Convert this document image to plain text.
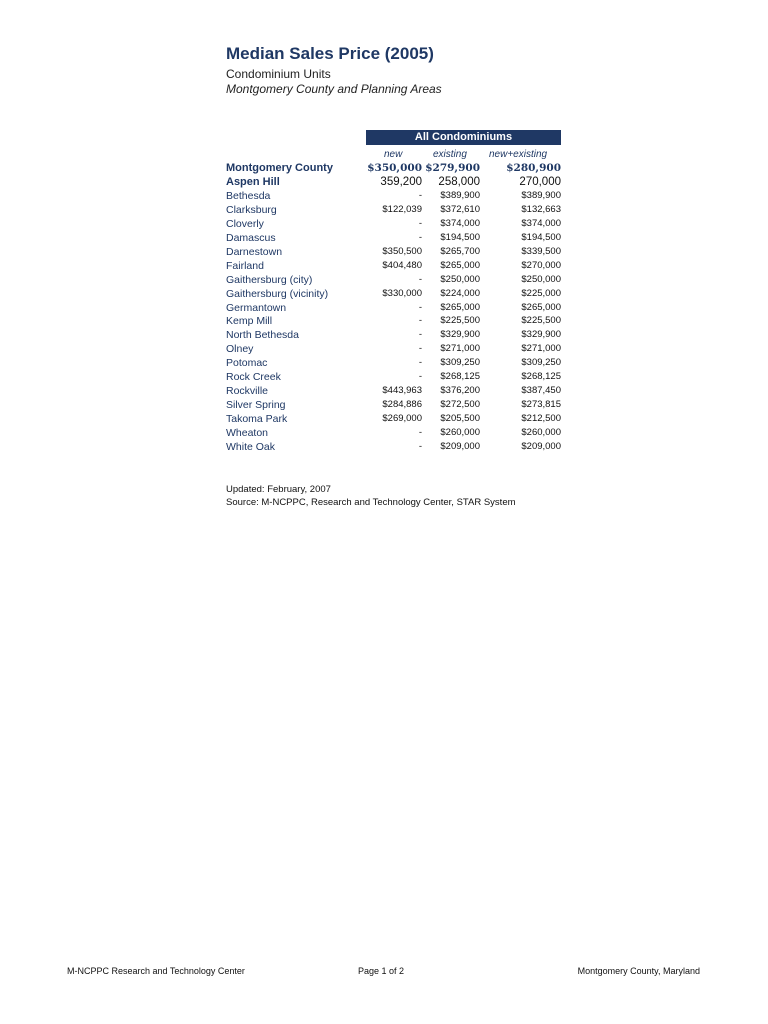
Median Sales Price (2005)
Condominium Units
Montgomery County and Planning Areas
All Condominiums
new	existing new+existing
Montgomery County	$350,000 $279,900 $280,900
Aspen Hill	359,200 258,000	270,000
Bethesda	- $389,900	$389,900
Clarksburg	$122,039 $372,610	$132,663
Cloverly	- $374,000	$374,000
Damascus	- $194,500	$194,500
Darnestown	$350,500 $265,700	$339,500
Fairland	$404,480 $265,000	$270,000
Gaithersburg (city)	- $250,000	$250,000
Gaithersburg (vicinity)	$330,000 $224,000	$225,000
Germantown	- $265,000	$265,000
Kemp Mill	- $225,500	$225,500
North Bethesda	- $329,900	$329,900
Olney	- $271,000	$271,000
Potomac	- $309,250	$309,250
Rock Creek	- $268,125	$268,125
Rockville	$443,963 $376,200	$387,450
Silver Spring	$284,886 $272,500	$273,815
Takoma Park	$269,000 $205,500	$212,500
Wheaton	- $260,000	$260,000
White Oak	- $209,000	$209,000
Updated: February, 2007
Source: M-NCPPC, Research and Technology Center, STAR System
M-NCPPC Research and Technology Center	Page 1 of 2	Montgomery County, Maryland
